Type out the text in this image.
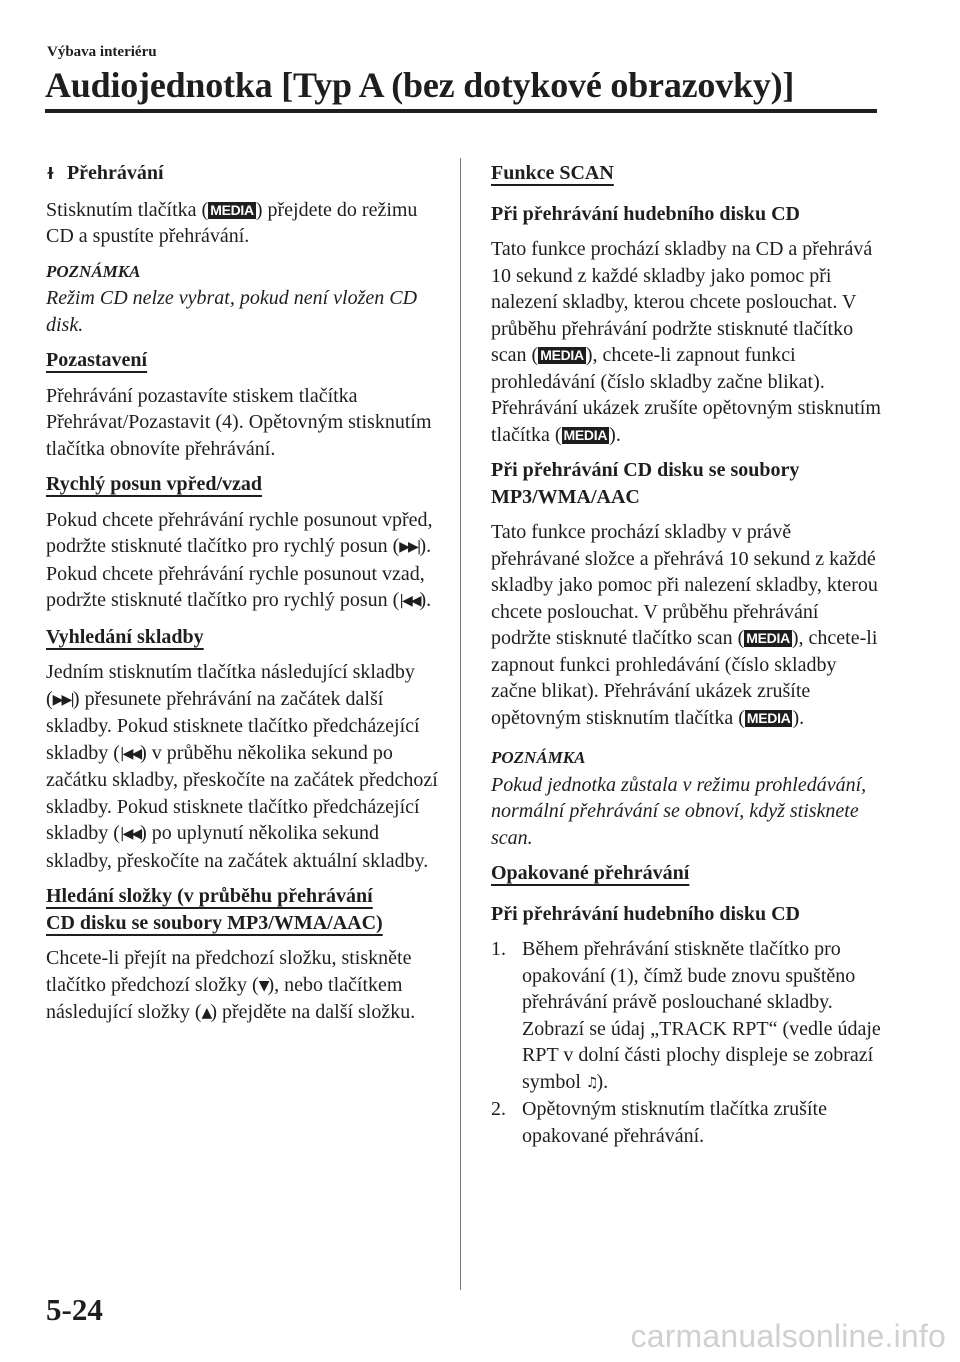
Výbava interiéru
Audiojednotka [Typ A (bez dotykové obrazovky)]

ɫ Přehrávání

Stisknutím tlačítka ( MEDIA ) přejdete do režimu CD a spustíte přehrávání.

POZNÁMKA

Režim CD nelze vybrat, pokud není vložen CD disk.

Pozastavení

Přehrávání pozastavíte stiskem tlačítka Přehrávat/Pozastavit (4). Opětovným stisknutím tlačítka obnovíte přehrávání.

Rychlý posun vpřed/vzad

Pokud chcete přehrávání rychle posunout vpřed, podržte stisknuté tlačítko pro rychlý posun (▶▶|). Pokud chcete přehrávání rychle posunout vzad, podržte stisknuté tlačítko pro rychlý posun (|◀◀).

Vyhledání skladby

Jedním stisknutím tlačítka následující skladby (▶▶|) přesunete přehrávání na začátek další skladby. Pokud stisknete tlačítko předcházející skladby (|◀◀) v průběhu několika sekund po začátku skladby, přeskočíte na začátek předchozí skladby. Pokud stisknete tlačítko předcházející skladby (|◀◀) po uplynutí několika sekund skladby, přeskočíte na začátek aktuální skladby.

Hledání složky (v průběhu přehrávání
CD disku se soubory MP3/WMA/AAC)

Chcete-li přejít na předchozí složku, stiskněte tlačítko předchozí složky (▼), nebo tlačítkem následující složky (▲) přejděte na další složku.

Funkce SCAN

Při přehrávání hudebního disku CD

Tato funkce prochází skladby na CD a přehrává 10 sekund z každé skladby jako pomoc při nalezení skladby, kterou chcete poslouchat. V průběhu přehrávání podržte stisknuté tlačítko scan ( MEDIA ), chcete-li zapnout funkci prohledávání (číslo skladby začne blikat). Přehrávání ukázek zrušíte opětovným stisknutím tlačítka ( MEDIA ).

Při přehrávání CD disku se soubory MP3/WMA/AAC

Tato funkce prochází skladby v právě přehrávané složce a přehrává 10 sekund z každé skladby jako pomoc při nalezení skladby, kterou chcete poslouchat. V průběhu přehrávání podržte stisknuté tlačítko scan ( MEDIA ), chcete-li zapnout funkci prohledávání (číslo skladby začne blikat). Přehrávání ukázek zrušíte opětovným stisknutím tlačítka ( MEDIA ).

POZNÁMKA

Pokud jednotka zůstala v režimu prohledávání, normální přehrávání se obnoví, když stisknete scan.

Opakované přehrávání

Při přehrávání hudebního disku CD

1. Během přehrávání stiskněte tlačítko pro opakování (1), čímž bude znovu spuštěno přehrávání právě poslouchané skladby. Zobrazí se údaj „TRACK RPT“ (vedle údaje RPT v dolní části plochy displeje se zobrazí symbol ♫).
2. Opětovným stisknutím tlačítka zrušíte opakované přehrávání.
5-24
carmanualsonline.info
